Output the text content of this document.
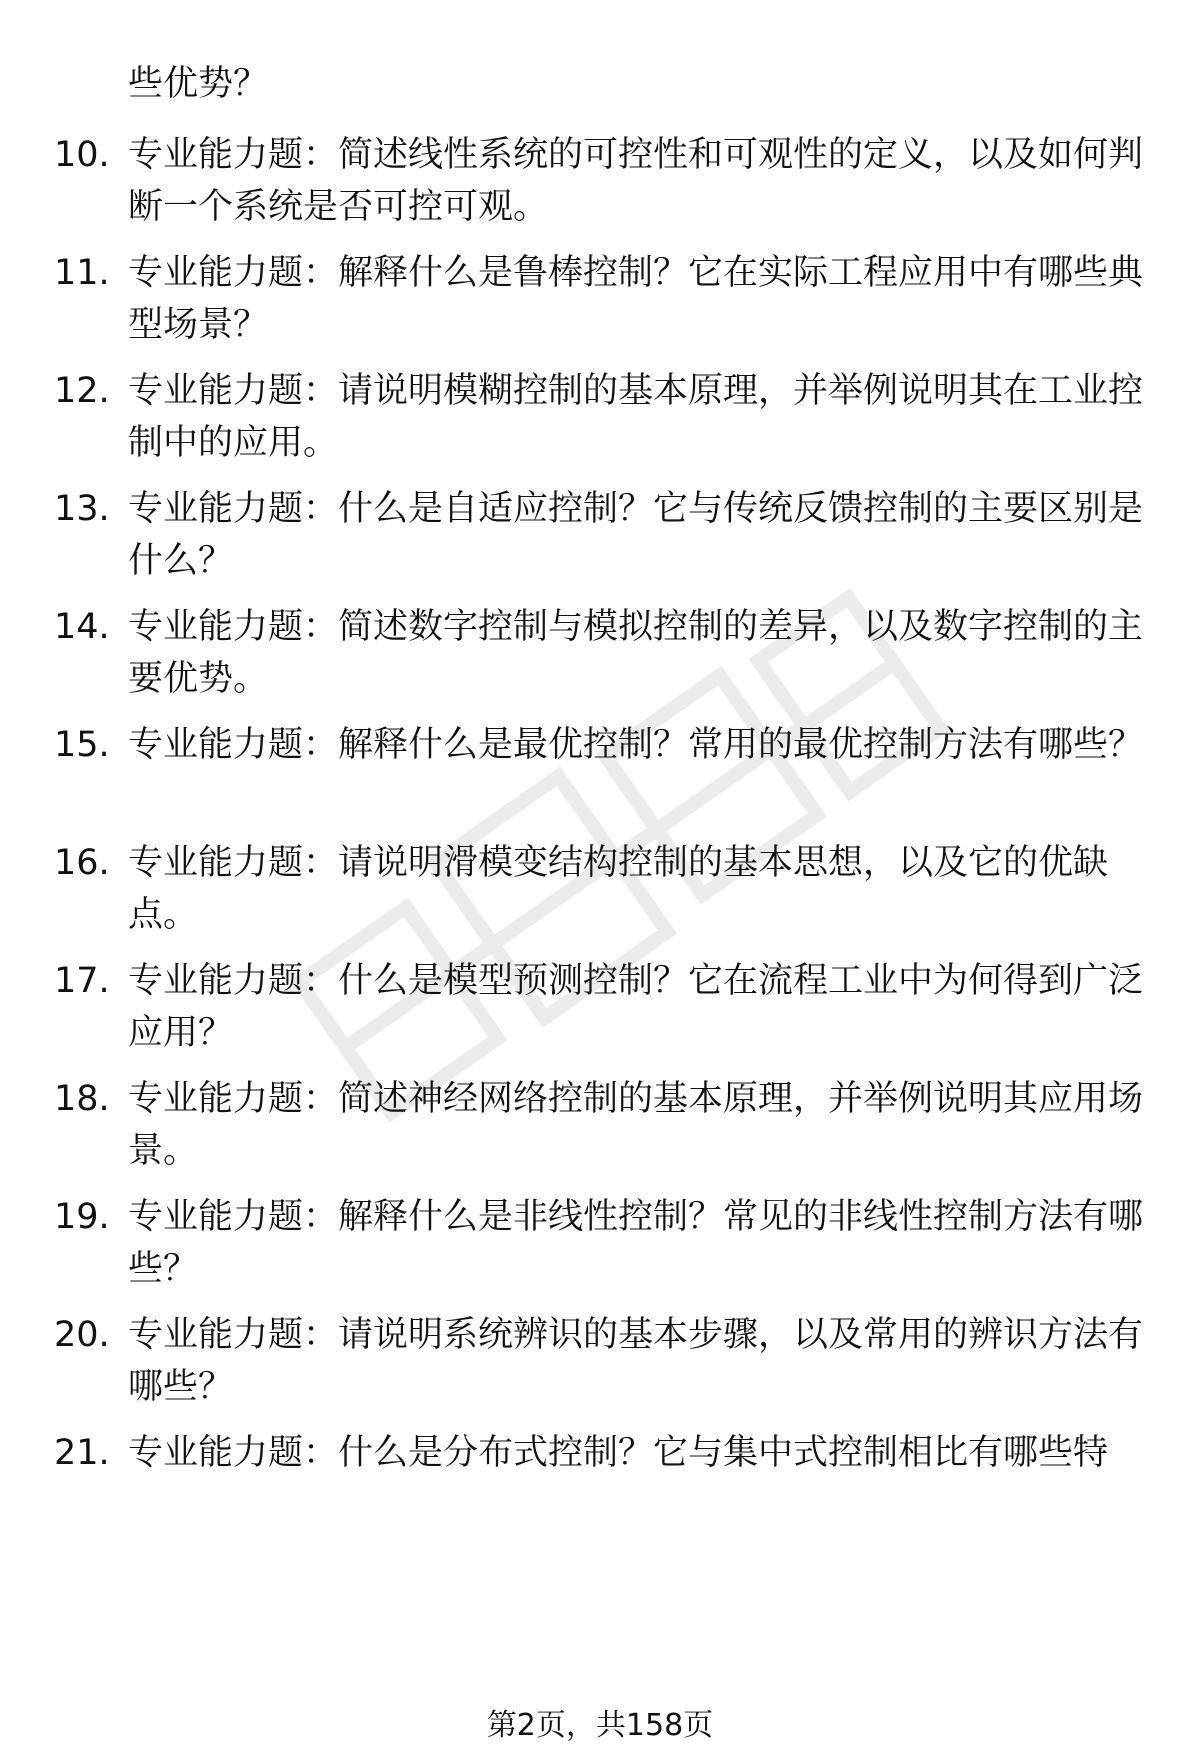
些优势？

10. 专业能力题：简述线性系统的可控性和可观性的定义，以及如何判断一个系统是否可控可观。

11. 专业能力题：解释什么是鲁棒控制？它在实际工程应用中有哪些典型场景？

12. 专业能力题：请说明模糊控制的基本原理，并举例说明其在工业控制中的应用。

13. 专业能力题：什么是自适应控制？它与传统反馈控制的主要区别是什么？

14. 专业能力题：简述数字控制与模拟控制的差异，以及数字控制的主要优势。

15. 专业能力题：解释什么是最优控制？常用的最优控制方法有哪些？

16. 专业能力题：请说明滑模变结构控制的基本思想，以及它的优缺点。

17. 专业能力题：什么是模型预测控制？它在流程工业中为何得到广泛应用？

18. 专业能力题：简述神经网络控制的基本原理，并举例说明其应用场景。

19. 专业能力题：解释什么是非线性控制？常见的非线性控制方法有哪些？

20. 专业能力题：请说明系统辨识的基本步骤，以及常用的辨识方法有哪些？

21. 专业能力题：什么是分布式控制？它与集中式控制相比有哪些特

第2页，共158页
